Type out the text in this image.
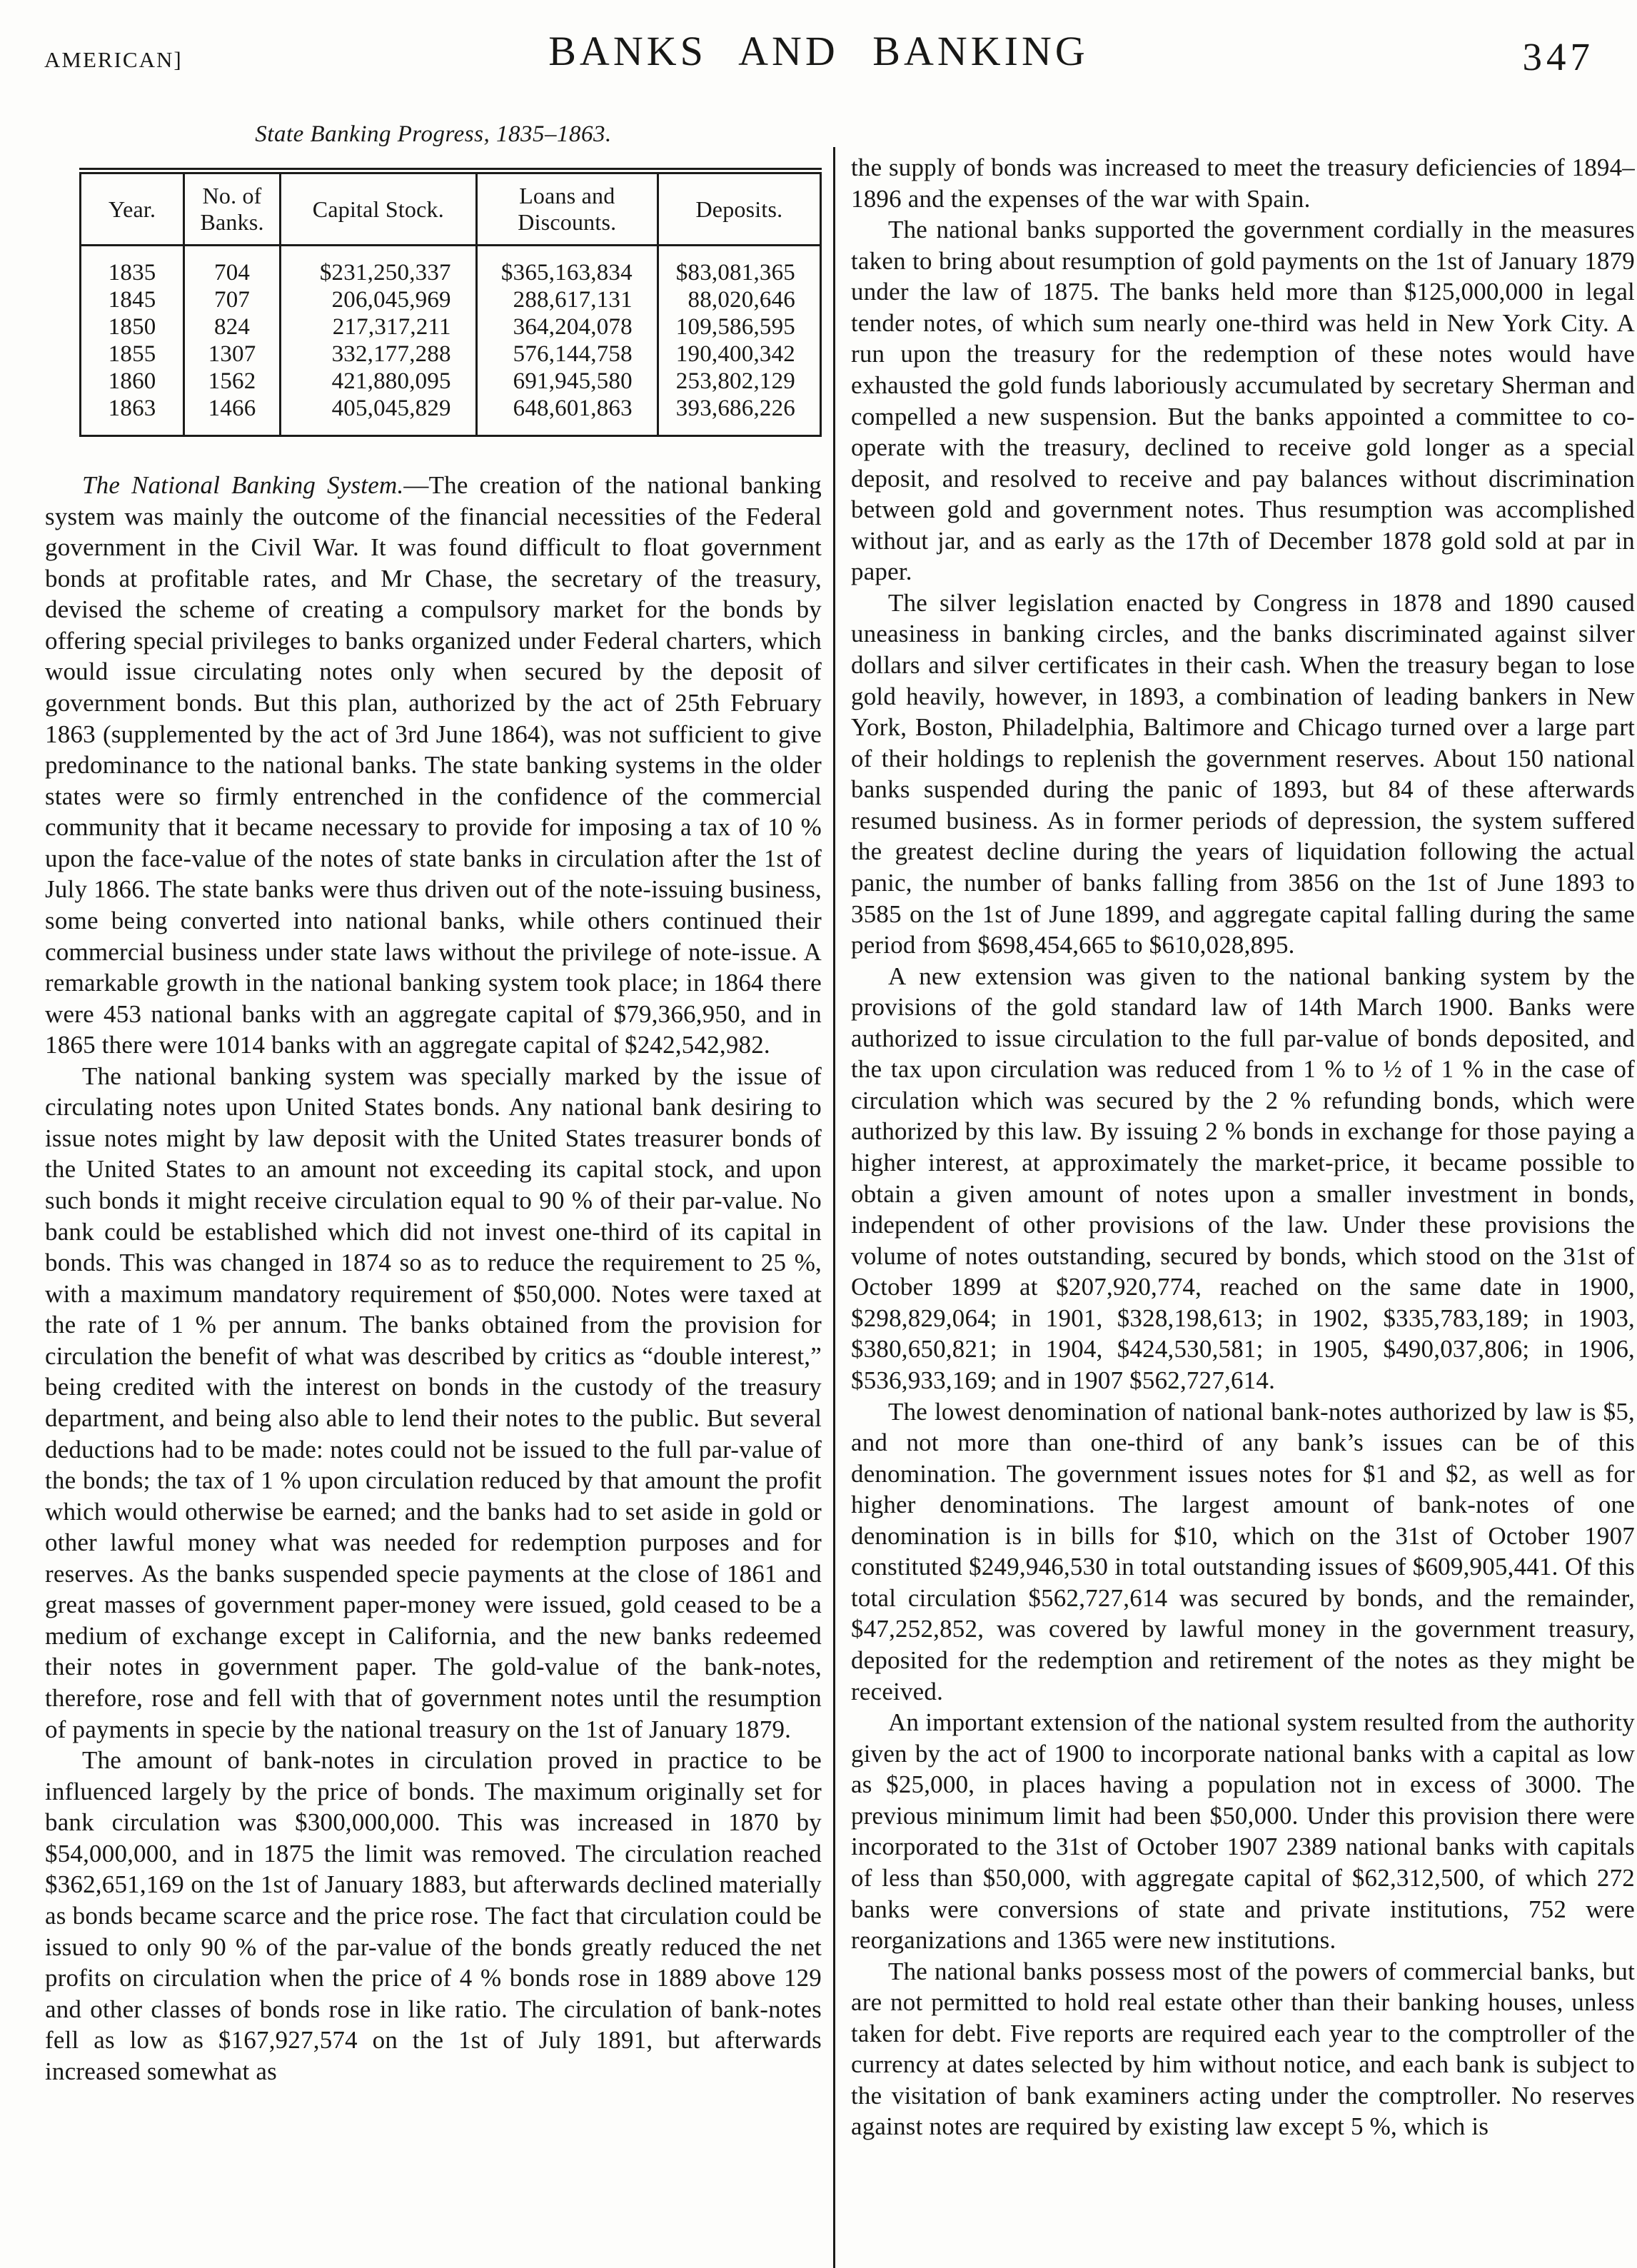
AMERICAN]	BANKS AND BANKING	347
State Banking Progress, 1835–1863.
Year.	No. of Banks.	Capital Stock.	Loans and Discounts.	Deposits.
1835	704	$231,250,337	$365,163,834	$83,081,365
1845	707	206,045,969	288,617,131	88,020,646
1850	824	217,317,211	364,204,078	109,586,595
1855	1307	332,177,288	576,144,758	190,400,342
1860	1562	421,880,095	691,945,580	253,802,129
1863	1466	405,045,829	648,601,863	393,686,226

The National Banking System.—The creation of the national banking system was mainly the outcome of the financial necessities of the Federal government in the Civil War. It was found difficult to float government bonds at profitable rates, and Mr Chase, the secretary of the treasury, devised the scheme of creating a compulsory market for the bonds by offering special privileges to banks organized under Federal charters, which would issue circulating notes only when secured by the deposit of government bonds. But this plan, authorized by the act of 25th February 1863 (supplemented by the act of 3rd June 1864), was not sufficient to give predominance to the national banks. The state banking systems in the older states were so firmly entrenched in the confidence of the commercial community that it became necessary to provide for imposing a tax of 10 % upon the face-value of the notes of state banks in circulation after the 1st of July 1866. The state banks were thus driven out of the note-issuing business, some being converted into national banks, while others continued their commercial business under state laws without the privilege of note-issue. A remarkable growth in the national banking system took place; in 1864 there were 453 national banks with an aggregate capital of $79,366,950, and in 1865 there were 1014 banks with an aggregate capital of $242,542,982.

The national banking system was specially marked by the issue of circulating notes upon United States bonds. Any national bank desiring to issue notes might by law deposit with the United States treasurer bonds of the United States to an amount not exceeding its capital stock, and upon such bonds it might receive circulation equal to 90 % of their par-value. No bank could be established which did not invest one-third of its capital in bonds. This was changed in 1874 so as to reduce the requirement to 25 %, with a maximum mandatory requirement of $50,000. Notes were taxed at the rate of 1 % per annum. The banks obtained from the provision for circulation the benefit of what was described by critics as “double interest,” being credited with the interest on bonds in the custody of the treasury department, and being also able to lend their notes to the public. But several deductions had to be made: notes could not be issued to the full par-value of the bonds; the tax of 1 % upon circulation reduced by that amount the profit which would otherwise be earned; and the banks had to set aside in gold or other lawful money what was needed for redemption purposes and for reserves. As the banks suspended specie payments at the close of 1861 and great masses of government paper-money were issued, gold ceased to be a medium of exchange except in California, and the new banks redeemed their notes in government paper. The gold-value of the bank-notes, therefore, rose and fell with that of government notes until the resumption of payments in specie by the national treasury on the 1st of January 1879.

The amount of bank-notes in circulation proved in practice to be influenced largely by the price of bonds. The maximum originally set for bank circulation was $300,000,000. This was increased in 1870 by $54,000,000, and in 1875 the limit was removed. The circulation reached $362,651,169 on the 1st of January 1883, but afterwards declined materially as bonds became scarce and the price rose. The fact that circulation could be issued to only 90 % of the par-value of the bonds greatly reduced the net profits on circulation when the price of 4 % bonds rose in 1889 above 129 and other classes of bonds rose in like ratio. The circulation of bank-notes fell as low as $167,927,574 on the 1st of July 1891, but afterwards increased somewhat as

the supply of bonds was increased to meet the treasury deficiencies of 1894–1896 and the expenses of the war with Spain.

The national banks supported the government cordially in the measures taken to bring about resumption of gold payments on the 1st of January 1879 under the law of 1875. The banks held more than $125,000,000 in legal tender notes, of which sum nearly one-third was held in New York City. A run upon the treasury for the redemption of these notes would have exhausted the gold funds laboriously accumulated by secretary Sherman and compelled a new suspension. But the banks appointed a committee to co-operate with the treasury, declined to receive gold longer as a special deposit, and resolved to receive and pay balances without discrimination between gold and government notes. Thus resumption was accomplished without jar, and as early as the 17th of December 1878 gold sold at par in paper.

The silver legislation enacted by Congress in 1878 and 1890 caused uneasiness in banking circles, and the banks discriminated against silver dollars and silver certificates in their cash. When the treasury began to lose gold heavily, however, in 1893, a combination of leading bankers in New York, Boston, Philadelphia, Baltimore and Chicago turned over a large part of their holdings to replenish the government reserves. About 150 national banks suspended during the panic of 1893, but 84 of these afterwards resumed business. As in former periods of depression, the system suffered the greatest decline during the years of liquidation following the actual panic, the number of banks falling from 3856 on the 1st of June 1893 to 3585 on the 1st of June 1899, and aggregate capital falling during the same period from $698,454,665 to $610,028,895.

A new extension was given to the national banking system by the provisions of the gold standard law of 14th March 1900. Banks were authorized to issue circulation to the full par-value of bonds deposited, and the tax upon circulation was reduced from 1 % to ½ of 1 % in the case of circulation which was secured by the 2 % refunding bonds, which were authorized by this law. By issuing 2 % bonds in exchange for those paying a higher interest, at approximately the market-price, it became possible to obtain a given amount of notes upon a smaller investment in bonds, independent of other provisions of the law. Under these provisions the volume of notes outstanding, secured by bonds, which stood on the 31st of October 1899 at $207,920,774, reached on the same date in 1900, $298,829,064; in 1901, $328,198,613; in 1902, $335,783,189; in 1903, $380,650,821; in 1904, $424,530,581; in 1905, $490,037,806; in 1906, $536,933,169; and in 1907 $562,727,614.

The lowest denomination of national bank-notes authorized by law is $5, and not more than one-third of any bank’s issues can be of this denomination. The government issues notes for $1 and $2, as well as for higher denominations. The largest amount of bank-notes of one denomination is in bills for $10, which on the 31st of October 1907 constituted $249,946,530 in total outstanding issues of $609,905,441. Of this total circulation $562,727,614 was secured by bonds, and the remainder, $47,252,852, was covered by lawful money in the government treasury, deposited for the redemption and retirement of the notes as they might be received.

An important extension of the national system resulted from the authority given by the act of 1900 to incorporate national banks with a capital as low as $25,000, in places having a population not in excess of 3000. The previous minimum limit had been $50,000. Under this provision there were incorporated to the 31st of October 1907 2389 national banks with capitals of less than $50,000, with aggregate capital of $62,312,500, of which 272 banks were conversions of state and private institutions, 752 were reorganizations and 1365 were new institutions.

The national banks possess most of the powers of commercial banks, but are not permitted to hold real estate other than their banking houses, unless taken for debt. Five reports are required each year to the comptroller of the currency at dates selected by him without notice, and each bank is subject to the visitation of bank examiners acting under the comptroller. No reserves against notes are required by existing law except 5 %, which is
